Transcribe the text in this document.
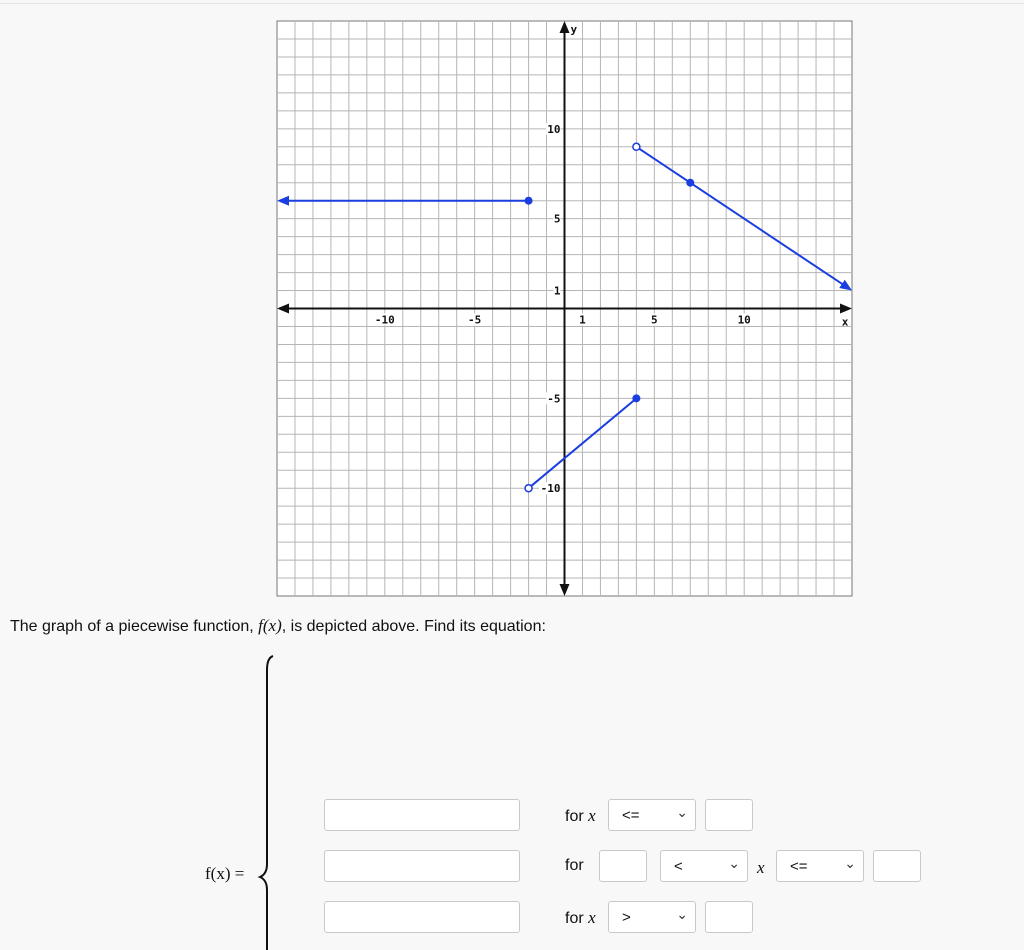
-10	-5	1	5	10
10
5
1
-5
-10
x
y
The graph of a piecewise function, f(x), is depicted above. Find its equation:
f(x) =
for x <=	⌄
for	<	⌄ x <=	⌄
for x >	⌄
